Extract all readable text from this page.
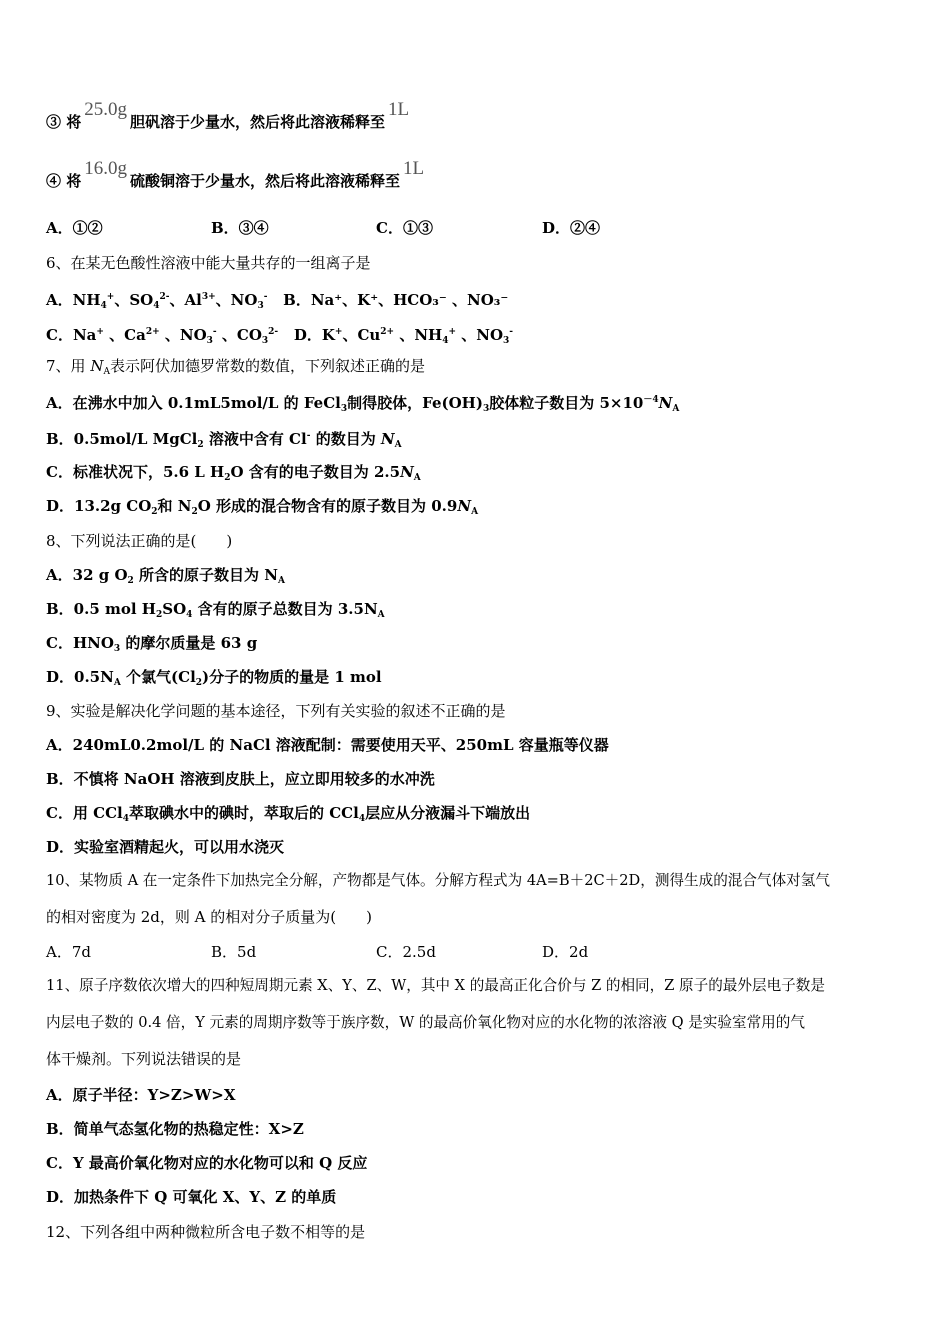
③ 将25.0g胆矾溶于少量水，然后将此溶液稀释至1L
④ 将16.0g硫酸铜溶于少量水，然后将此溶液稀释至1L
A．①②	B．③④	C．①③	D．②④
6、在某无色酸性溶液中能大量共存的一组离子是
A．$NH_4^+$、$SO_4^{2-}$、$Al^{3+}$、$NO_3^-$ B．Na⁺、K⁺、HCO₃⁻ 、NO₃⁻
C．Na+ 、$Ca^{2+}$ 、$NO_3^-$ 、$CO_3^{2-}$ D．K+、$Cu^{2+}$ 、$NH_4^+$ 、$NO_3^-$
7、用 $N_A$表示阿伏加德罗常数的数值，下列叙述正确的是
A．在沸水中加入 0.1mL5mol/L 的 FeCl$_3$制得胶体，$Fe(OH)_3$胶体粒子数目为 $5\times 10^{-4}N_A$
B．0.5mol/L MgCl$_2$ 溶液中含有 Cl- 的数目为 $N_A$
C．标准状况下，5.6 L $H_2O$ 含有的电子数目为 $2.5N_A$
D．13.2g $CO_2$和 $N_2O$ 形成的混合物含有的原子数目为 $0.9N_A$
8、下列说法正确的是(　　)
A．32 g $O_2$ 所含的原子数目为 $N_A$
B．0.5 mol $H_2SO_4$ 含有的原子总数目为 $3.5N_A$
C．$HNO_3$ 的摩尔质量是 63 g
D．$0.5N_A$ 个氯气$(Cl_2)$分子的物质的量是 1 mol
9、实验是解决化学问题的基本途径，下列有关实验的叙述不正确的是
A．240mL0.2mol/L 的 NaCl 溶液配制：需要使用天平、250mL 容量瓶等仪器
B．不慎将 NaOH 溶液到皮肤上，应立即用较多的水冲洗
C．用 CCl$_4$萃取碘水中的碘时，萃取后的 CCl$_4$层应从分液漏斗下端放出
D．实验室酒精起火，可以用水浇灭
10、某物质 A 在一定条件下加热完全分解，产物都是气体。分解方程式为 4A=B＋2C＋2D，测得生成的混合气体对氢气
的相对密度为 2d，则 A 的相对分子质量为(　　)
A．7d	B．5d	C．2.5d	D．2d
11、原子序数依次增大的四种短周期元素 X、Y、Z、W，其中 X 的最高正化合价与 Z 的相同，Z 原子的最外层电子数是
内层电子数的 0.4 倍，Y 元素的周期序数等于族序数，W 的最高价氧化物对应的水化物的浓溶液 Q 是实验室常用的气
体干燥剂。下列说法错误的是
A．原子半径：Y>Z>W>X
B．简单气态氢化物的热稳定性：X>Z
C．Y 最高价氧化物对应的水化物可以和 Q 反应
D．加热条件下 Q 可氧化 X、Y、Z 的单质
12、下列各组中两种微粒所含电子数不相等的是
